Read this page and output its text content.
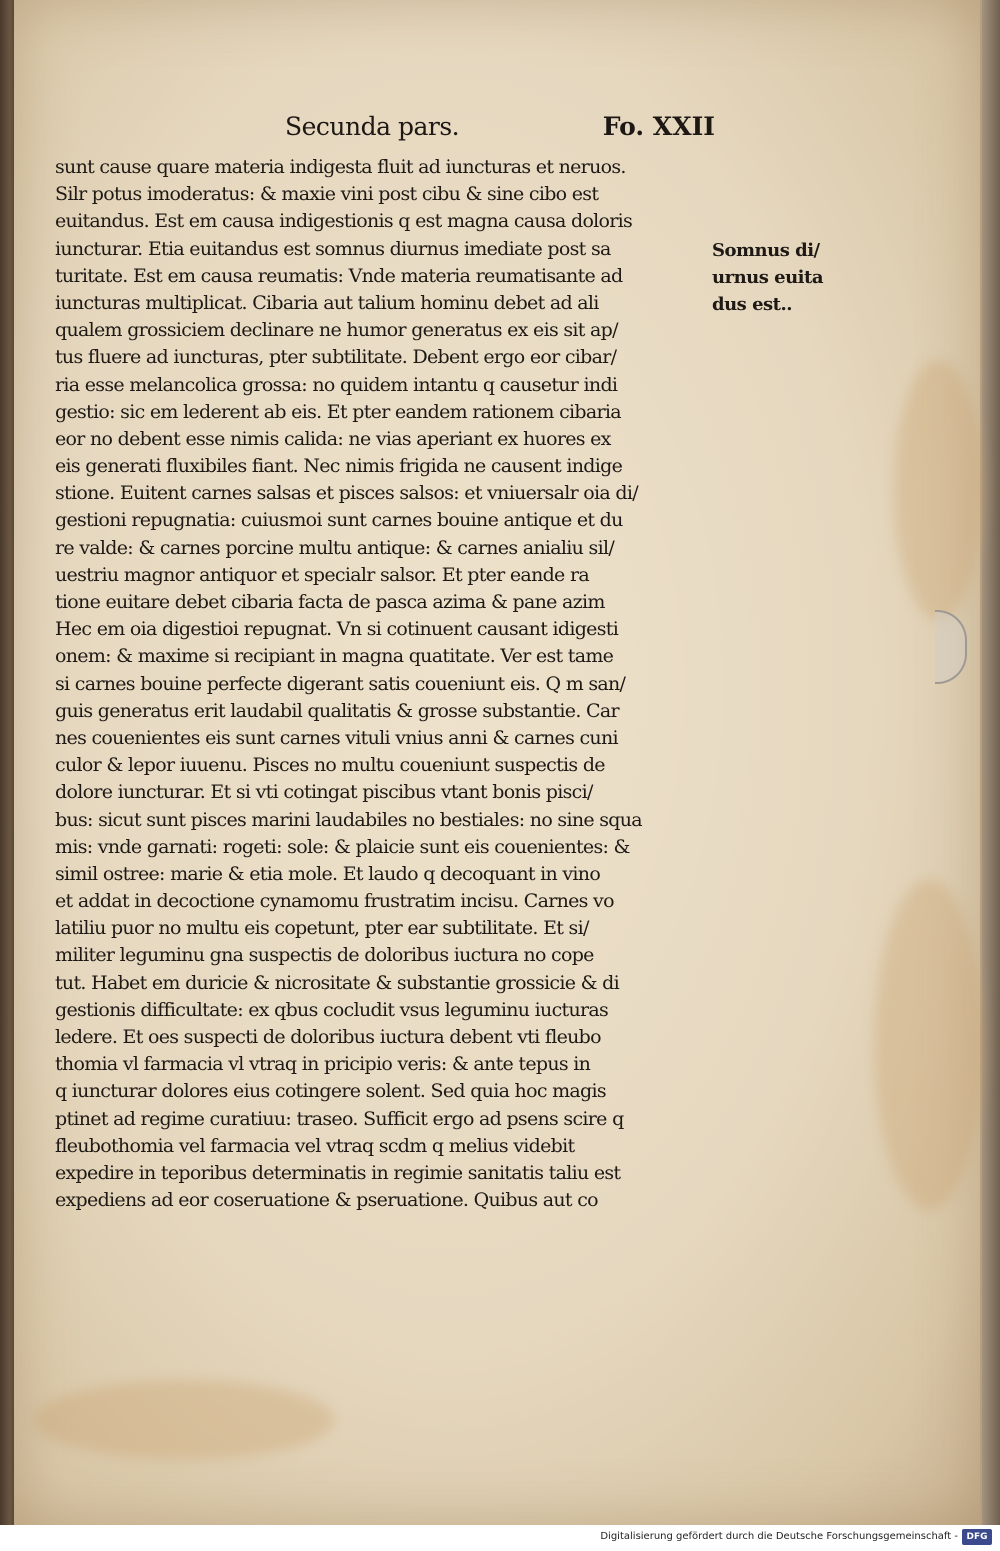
Secunda pars.	Fo. XXII
sunt cause quare materia indigesta fluit ad iuncturas et neruos.
Silr potus imoderatus: & maxie vini post cibu & sine cibo est
euitandus. Est em causa indigestionis q est magna causa doloris
iuncturar. Etia euitandus est somnus diurnus imediate post sa
turitate. Est em causa reumatis: Vnde materia reumatisante ad
iuncturas multiplicat. Cibaria aut talium hominu debet ad ali
qualem grossiciem declinare ne humor generatus ex eis sit ap/
tus fluere ad iuncturas, pter subtilitate. Debent ergo eor cibar/
ria esse melancolica grossa: no quidem intantu q causetur indi
gestio: sic em lederent ab eis. Et pter eandem rationem cibaria
eor no debent esse nimis calida: ne vias aperiant ex huores ex
eis generati fluxibiles fiant. Nec nimis frigida ne causent indige
stione. Euitent carnes salsas et pisces salsos: et vniuersalr oia di/
gestioni repugnatia: cuiusmoi sunt carnes bouine antique et du
re valde: & carnes porcine multu antique: & carnes anialiu sil/
uestriu magnor antiquor et specialr salsor. Et pter eande ra
tione euitare debet cibaria facta de pasca azima & pane azim
Hec em oia digestioi repugnat. Vn si cotinuent causant idigesti
onem: & maxime si recipiant in magna quatitate. Ver est tame
si carnes bouine perfecte digerant satis coueniunt eis. Q m san/
guis generatus erit laudabil qualitatis & grosse substantie. Car
nes couenientes eis sunt carnes vituli vnius anni & carnes cuni
culor & lepor iuuenu. Pisces no multu coueniunt suspectis de
dolore iuncturar. Et si vti cotingat piscibus vtant bonis pisci/
bus: sicut sunt pisces marini laudabiles no bestiales: no sine squa
mis: vnde garnati: rogeti: sole: & plaicie sunt eis couenientes: &
simil ostree: marie & etia mole. Et laudo q decoquant in vino
et addat in decoctione cynamomu frustratim incisu. Carnes vo
latiliu puor no multu eis copetunt, pter ear subtilitate. Et si/
militer leguminu gna suspectis de doloribus iuctura no cope
tut. Habet em duricie & nicrositate & substantie grossicie & di
gestionis difficultate: ex qbus cocludit vsus leguminu iucturas
ledere. Et oes suspecti de doloribus iuctura debent vti fleubo
thomia vl farmacia vl vtraq in pricipio veris: & ante tepus in
q iuncturar dolores eius cotingere solent. Sed quia hoc magis
ptinet ad regime curatiuu: traseo. Sufficit ergo ad psens scire q
fleubothomia vel farmacia vel vtraq scdm q melius videbit
expedire in teporibus determinatis in regimie sanitatis taliu est
expediens ad eor coseruatione & pseruatione. Quibus aut co
Somnus di/
urnus euita
dus est..
Digitalisierung gefördert durch die Deutsche Forschungsgemeinschaft - DFG
